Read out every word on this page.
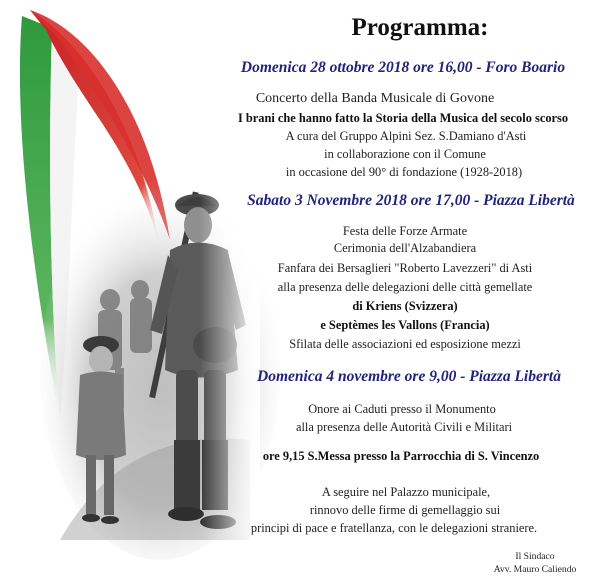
Programma:
Domenica 28 ottobre 2018 ore 16,00 - Foro Boario
Concerto della Banda Musicale di Govone
I brani che hanno fatto la Storia della Musica del secolo scorso
A cura del Gruppo Alpini Sez. S.Damiano d'Asti
in collaborazione con il Comune
in occasione del 90° di fondazione (1928-2018)
Sabato 3 Novembre 2018 ore 17,00 - Piazza Libertà
Festa delle Forze Armate
Cerimonia dell'Alzabandiera
Fanfara dei Bersaglieri "Roberto Lavezzeri" di Asti
alla presenza delle delegazioni delle città gemellate
di Kriens (Svizzera)
e Septèmes les Vallons (Francia)
Sfilata delle associazioni ed esposizione mezzi
Domenica 4 novembre ore 9,00 - Piazza Libertà
Onore ai Caduti presso il Monumento
alla presenza delle Autorità Civili e Militari
ore 9,15 S.Messa presso la Parrocchia di S. Vincenzo
A seguire nel Palazzo municipale,
rinnovo delle firme di gemellaggio sui
principi di pace e fratellanza, con le delegazioni straniere.
Il Sindaco
Avv. Mauro Caliendo
